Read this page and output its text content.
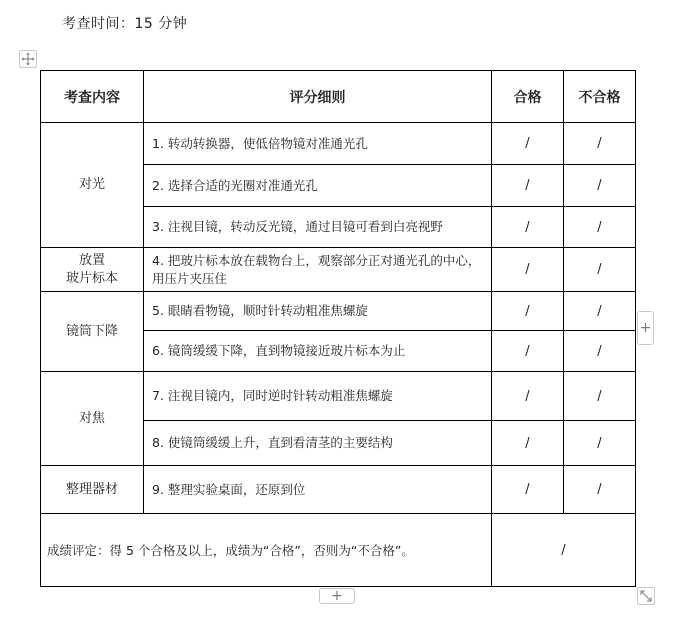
考查时间：15 分钟
考查内容	评分细则	合格	不合格
对光	1. 转动转换器，使低倍物镜对准通光孔	/	/
	2. 选择合适的光圈对准通光孔	/	/
	3. 注视目镜，转动反光镜，通过目镜可看到白亮视野	/	/

放置
玻片标本	4. 把玻片标本放在载物台上，观察部分正对通光孔的中心，用压片夹压住	/	/
镜筒下降	5. 眼睛看物镜，顺时针转动粗准焦螺旋	/	/
	6. 镜筒缓缓下降，直到物镜接近玻片标本为止	/	/
对焦	7. 注视目镜内，同时逆时针转动粗准焦螺旋	/	/
	8. 使镜筒缓缓上升，直到看清茎的主要结构	/	/
整理器材	9. 整理实验桌面，还原到位	/	/
成绩评定：得 5 个合格及以上，成绩为“合格”，否则为“不合格”。		/	
+
+
